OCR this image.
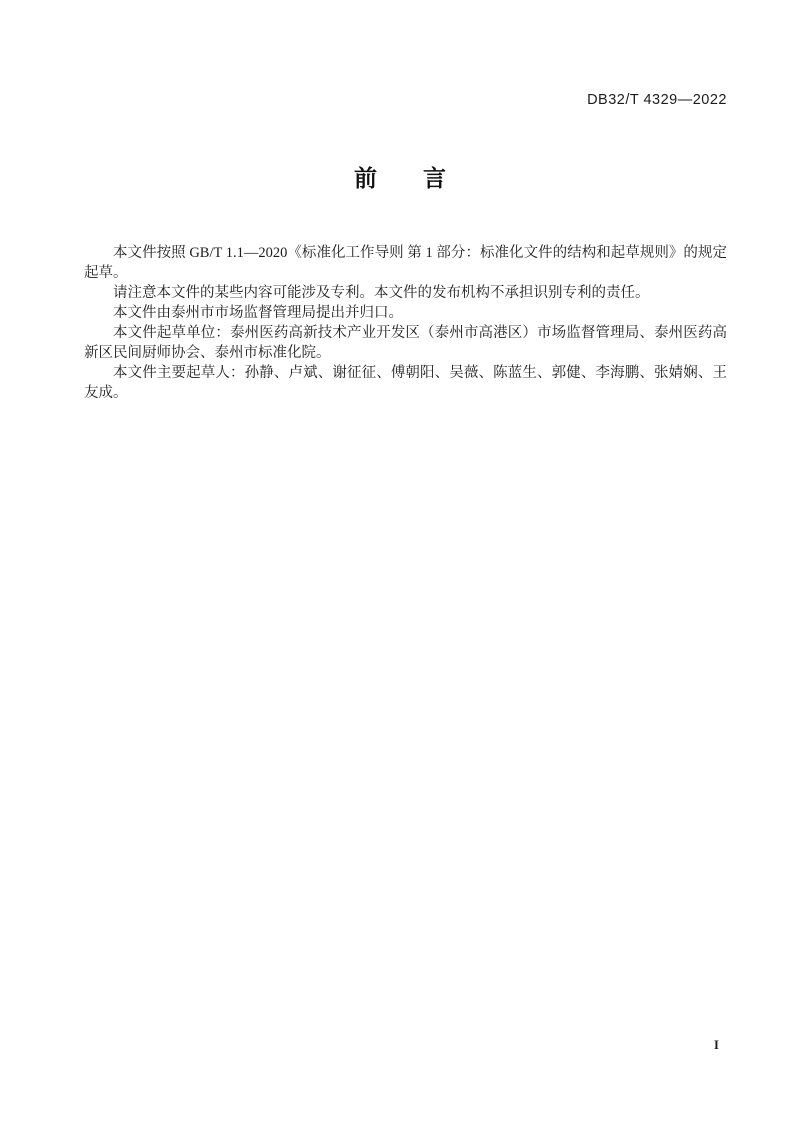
DB32/T 4329—2022
前　　言

本文件按照 GB/T 1.1—2020《标准化工作导则 第 1 部分：标准化文件的结构和起草规则》的规定起草。

请注意本文件的某些内容可能涉及专利。本文件的发布机构不承担识别专利的责任。

本文件由泰州市市场监督管理局提出并归口。

本文件起草单位：泰州医药高新技术产业开发区（泰州市高港区）市场监督管理局、泰州医药高新区民间厨师协会、泰州市标准化院。

本文件主要起草人：孙静、卢斌、谢征征、傅朝阳、吴薇、陈蓝生、郭健、李海鹏、张婧娴、王友成。

I
